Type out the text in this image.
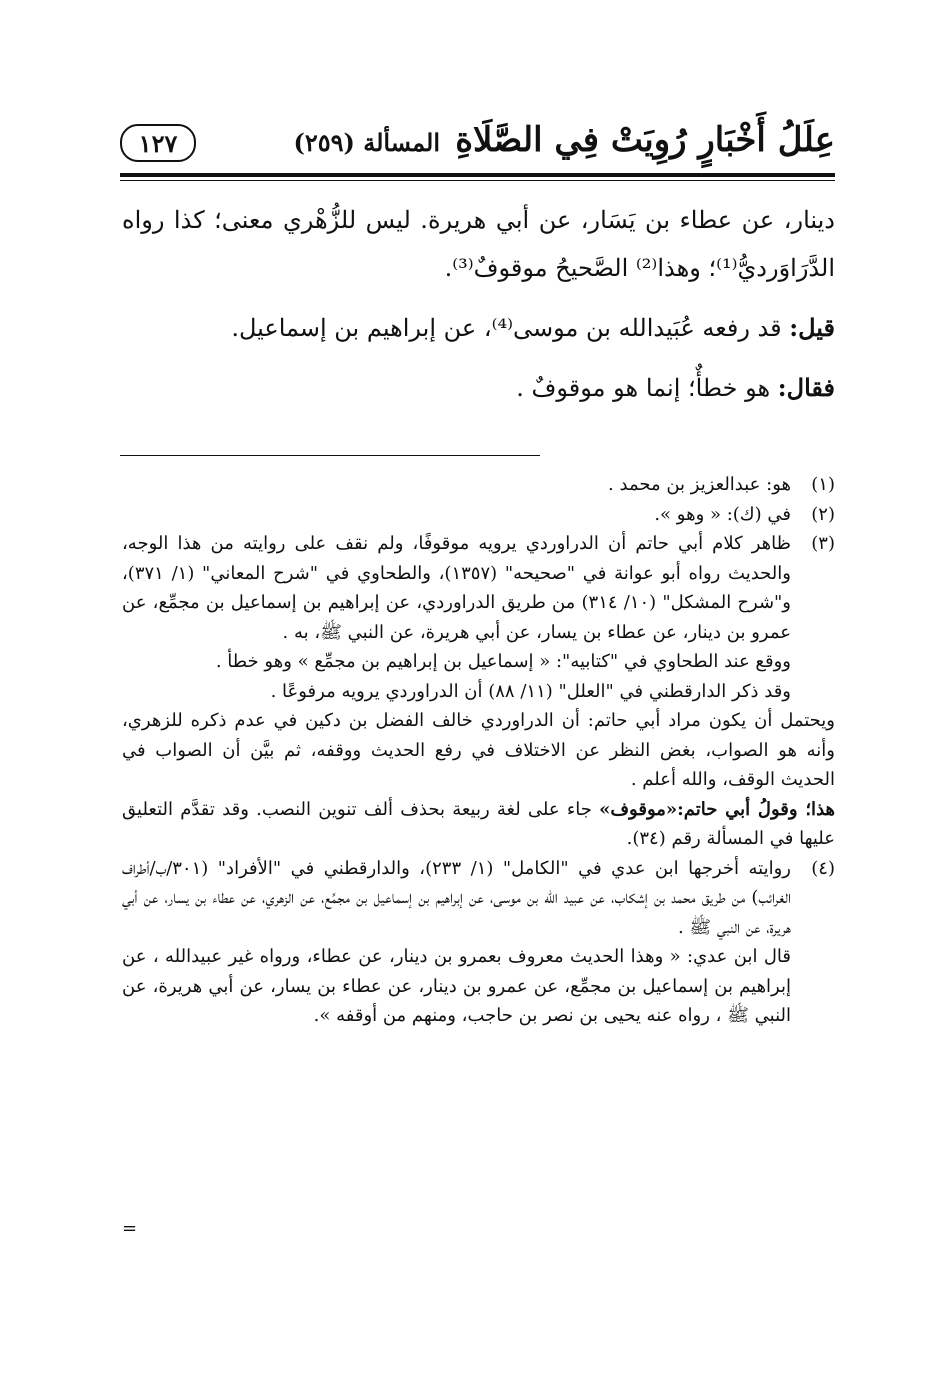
عِلَلُ أَخْبَارٍ رُوِيَتْ فِي الصَّلَاةِ
المسألة (٢٥٩)
١٢٧

دينار، عن عطاء بن يَسَار، عن أبي هريرة. ليس للزُّهْري معنى؛ كذا رواه الدَّرَاوَرديُّ⁽¹⁾؛ وهذا⁽²⁾ الصَّحيحُ موقوفٌ⁽³⁾.

قيل: قد رفعه عُبَيدالله بن موسى⁽⁴⁾، عن إبراهيم بن إسماعيل.

فقال: هو خطأٌ؛ إنما هو موقوفٌ .

(١)

هو: عبدالعزيز بن محمد .

(٢)

في (ك): « وهو ».

(٣)

ظاهر كلام أبي حاتم أن الدراوردي يرويه موقوفًا، ولم نقف على روايته من هذا الوجه، والحديث رواه أبو عوانة في "صحيحه" (١٣٥٧)، والطحاوي في "شرح المعاني" (١/ ٣٧١)، و"شرح المشكل" (١٠/ ٣١٤) من طريق الدراوردي، عن إبراهيم بن إسماعيل بن مجمِّع، عن عمرو بن دينار، عن عطاء بن يسار، عن أبي هريرة، عن النبي ﷺ، به .

ووقع عند الطحاوي في "كتابيه": « إسماعيل بن إبراهيم بن مجمِّع » وهو خطأ .

وقد ذكر الدارقطني في "العلل" (١١/ ٨٨) أن الدراوردي يرويه مرفوعًا .

ويحتمل أن يكون مراد أبي حاتم: أن الدراوردي خالف الفضل بن دكين في عدم ذكره للزهري، وأنه هو الصواب، بغض النظر عن الاختلاف في رفع الحديث ووقفه، ثم بيَّن أن الصواب في الحديث الوقف، والله أعلم .

هذا؛ وقولُ أبي حاتم:«موقوف» جاء على لغة ربيعة بحذف ألف تنوين النصب. وقد تقدَّم التعليق عليها في المسألة رقم (٣٤).

(٤)

روايته أخرجها ابن عدي في "الكامل" (١/ ٢٣٣)، والدارقطني في "الأفراد" (٣٠١/ب/أطراف الغرائب) من طريق محمد بن إشكاب، عن عبيد الله بن موسى، عن إبراهيم بن إسماعيل بن مجمِّع، عن الزهري، عن عطاء بن يسار، عن أبي هريرة، عن النبي ﷺ .

قال ابن عدي: « وهذا الحديث معروف بعمرو بن دينار، عن عطاء، ورواه غير عبيدالله ، عن إبراهيم بن إسماعيل بن مجمِّع، عن عمرو بن دينار، عن عطاء بن يسار، عن أبي هريرة، عن النبي ﷺ ، رواه عنه يحيى بن نصر بن حاجب، ومنهم من أوقفه ».

=
